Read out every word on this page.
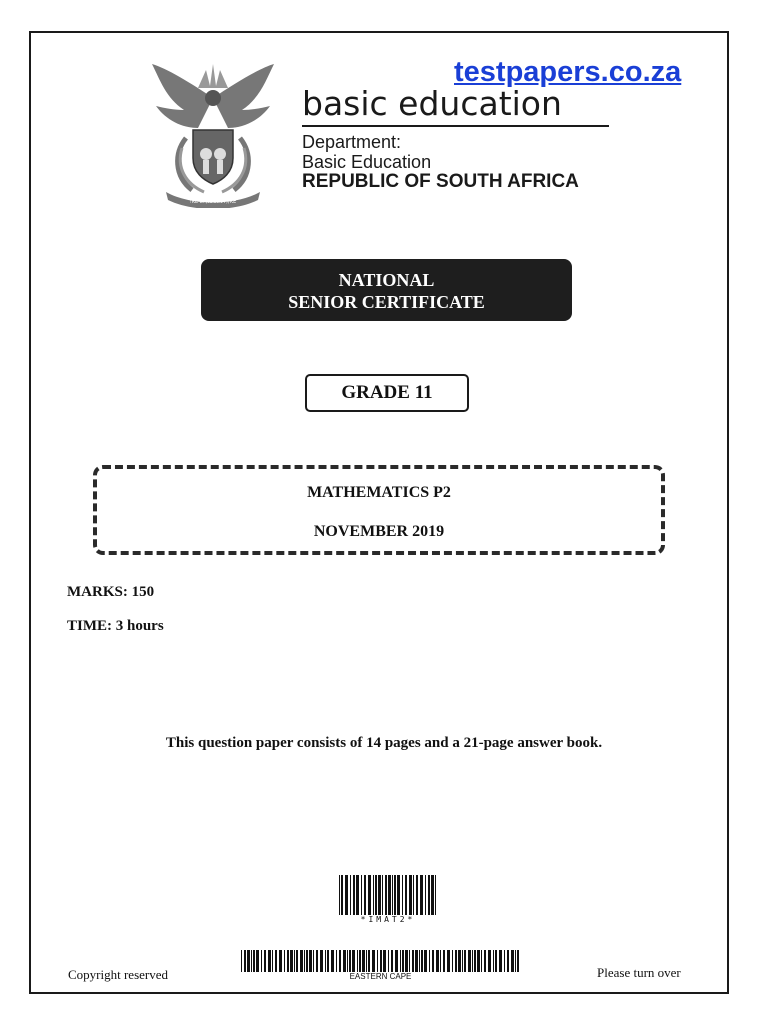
testpapers.co.za
!KE E: /XARRA //KE
basic education
Department:
Basic Education
REPUBLIC OF SOUTH AFRICA
NATIONAL
SENIOR CERTIFICATE
GRADE 11
MATHEMATICS P2
NOVEMBER 2019
MARKS: 150
TIME: 3 hours
This question paper consists of 14 pages and a 21-page answer book.
*IMAT2*
EASTERN CAPE
Copyright reserved	Please turn over
